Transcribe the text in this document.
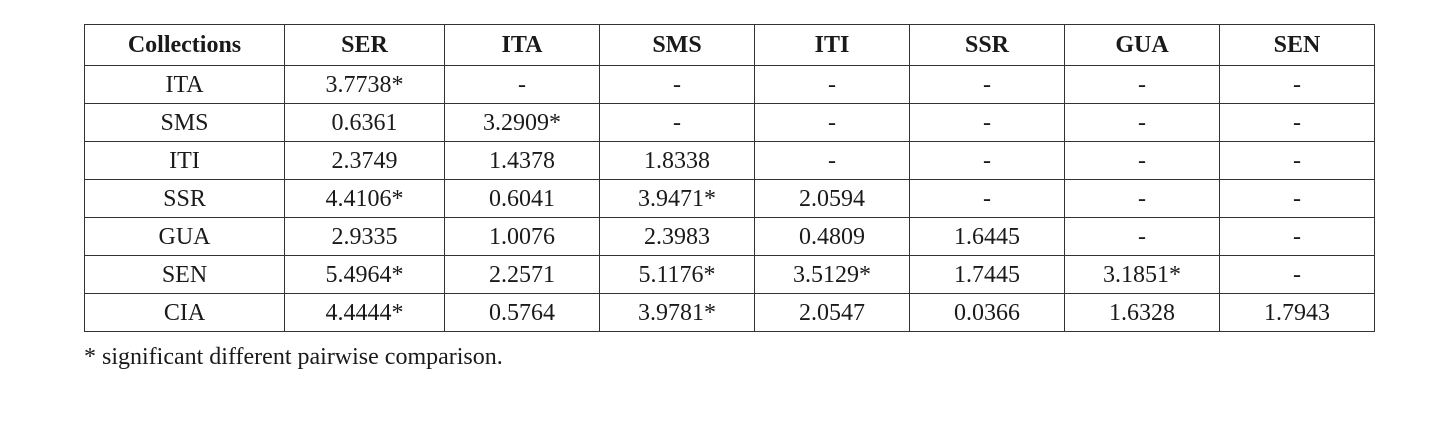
Collections	SER	ITA	SMS	ITI	SSR	GUA	SEN
ITA	3.7738*	-	-	-	-	-	-
SMS	0.6361	3.2909*	-	-	-	-	-
ITI	2.3749	1.4378	1.8338	-	-	-	-
SSR	4.4106*	0.6041	3.9471*	2.0594	-	-	-
GUA	2.9335	1.0076	2.3983	0.4809	1.6445	-	-
SEN	5.4964*	2.2571	5.1176*	3.5129*	1.7445	3.1851*	-
CIA	4.4444*	0.5764	3.9781*	2.0547	0.0366	1.6328	1.7943
* significant different pairwise comparison.
